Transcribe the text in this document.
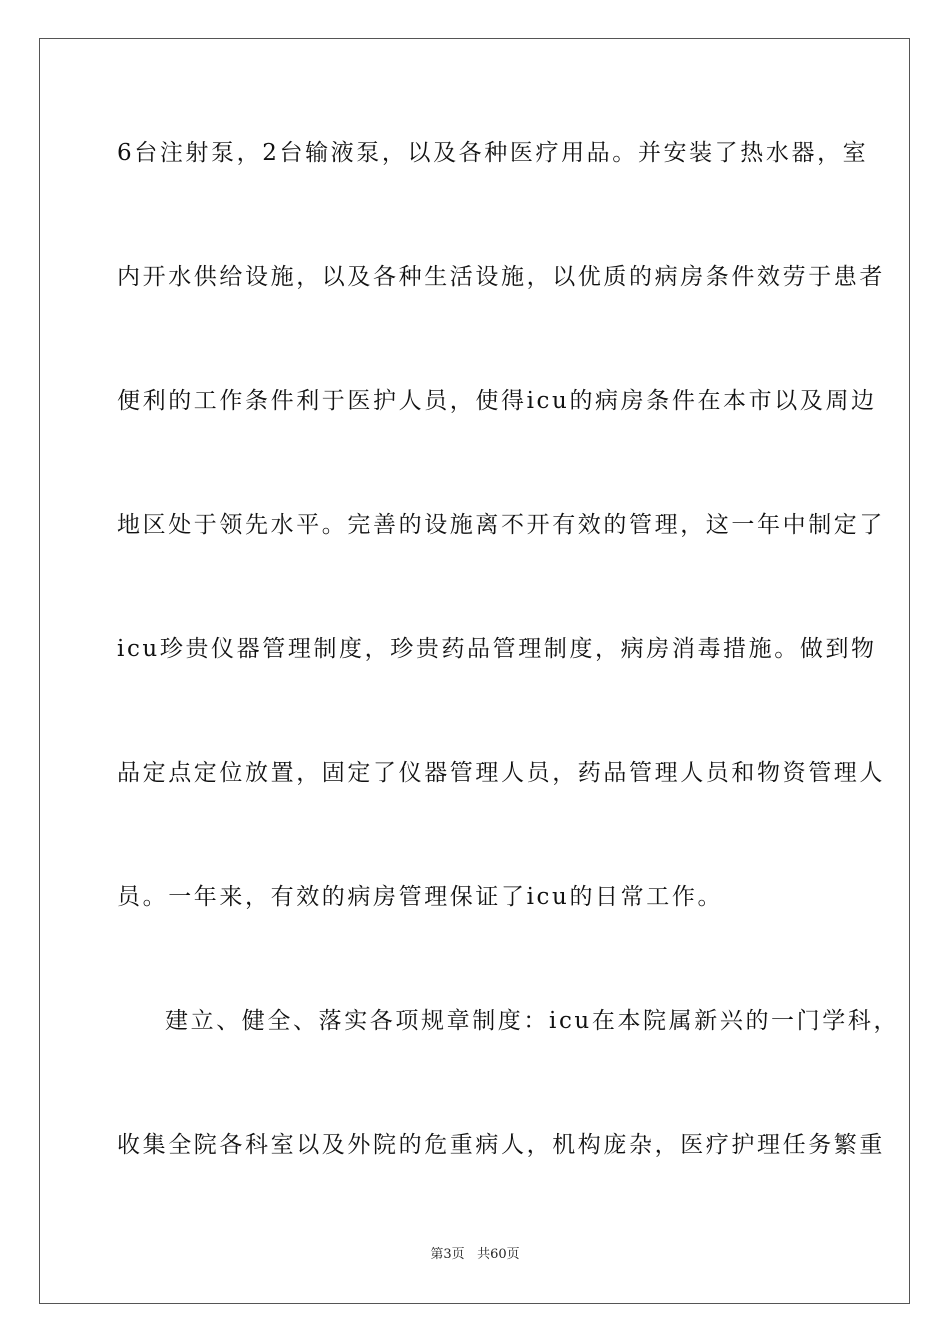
6台注射泵，2台输液泵，以及各种医疗用品。并安装了热水器，室
内开水供给设施，以及各种生活设施，以优质的病房条件效劳于患者
便利的工作条件利于医护人员，使得icu的病房条件在本市以及周边
地区处于领先水平。完善的设施离不开有效的管理，这一年中制定了
icu珍贵仪器管理制度，珍贵药品管理制度，病房消毒措施。做到物
品定点定位放置，固定了仪器管理人员，药品管理人员和物资管理人
员。一年来，有效的病房管理保证了icu的日常工作。
建立、健全、落实各项规章制度：icu在本院属新兴的一门学科，
收集全院各科室以及外院的危重病人，机构庞杂，医疗护理任务繁重
第3页 共60页
